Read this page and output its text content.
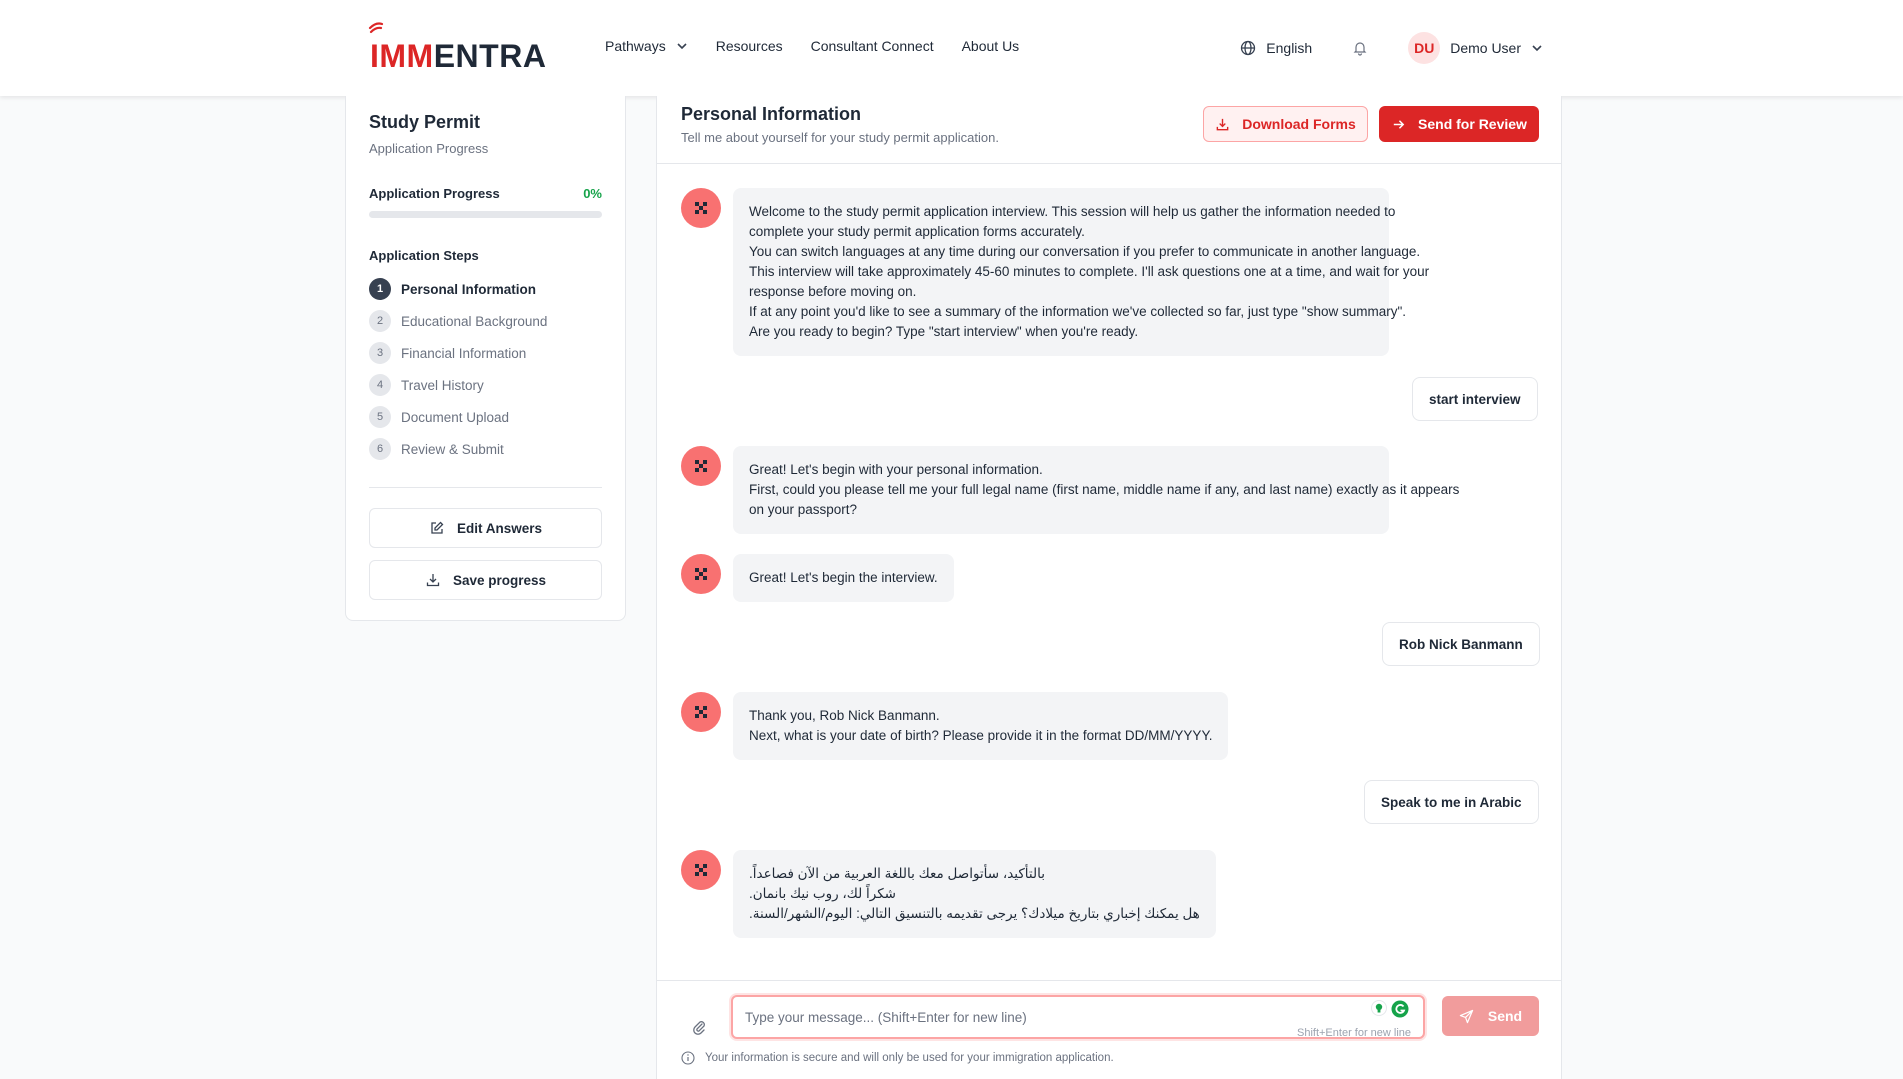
IMMENTRA	Pathways	Resources Consultant Connect About Us	English	DU	Demo User
Study Permit
Application Progress
Application Progress	0%
Application Steps
1	Personal Information
2	Educational Background
3	Financial Information
4	Travel History
5	Document Upload
6	Review & Submit
Edit Answers
Save progress
Personal Information
Tell me about yourself for your study permit application.
Download Forms	Send for Review
Welcome to the study permit application interview. This session will help us gather the information needed to
complete your study permit application forms accurately.
You can switch languages at any time during our conversation if you prefer to communicate in another language.
This interview will take approximately 45-60 minutes to complete. I'll ask questions one at a time, and wait for your
response before moving on.
If at any point you'd like to see a summary of the information we've collected so far, just type "show summary".
Are you ready to begin? Type "start interview" when you're ready.
start interview
Great! Let's begin with your personal information.
First, could you please tell me your full legal name (first name, middle name if any, and last name) exactly as it appears
on your passport?
Great! Let's begin the interview.
Rob Nick Banmann
Thank you, Rob Nick Banmann.
Next, what is your date of birth? Please provide it in the format DD/MM/YYYY.
Speak to me in Arabic
بالتأكيد، سأتواصل معك باللغة العربية من الآن فصاعداً.
شكراً لك، روب نيك بانمان.
هل يمكنك إخباري بتاريخ ميلادك؟ يرجى تقديمه بالتنسيق التالي: اليوم/الشهر/السنة.
Type your message... (Shift+Enter for new line)
Shift+Enter for new line
Send
Your information is secure and will only be used for your immigration application.
